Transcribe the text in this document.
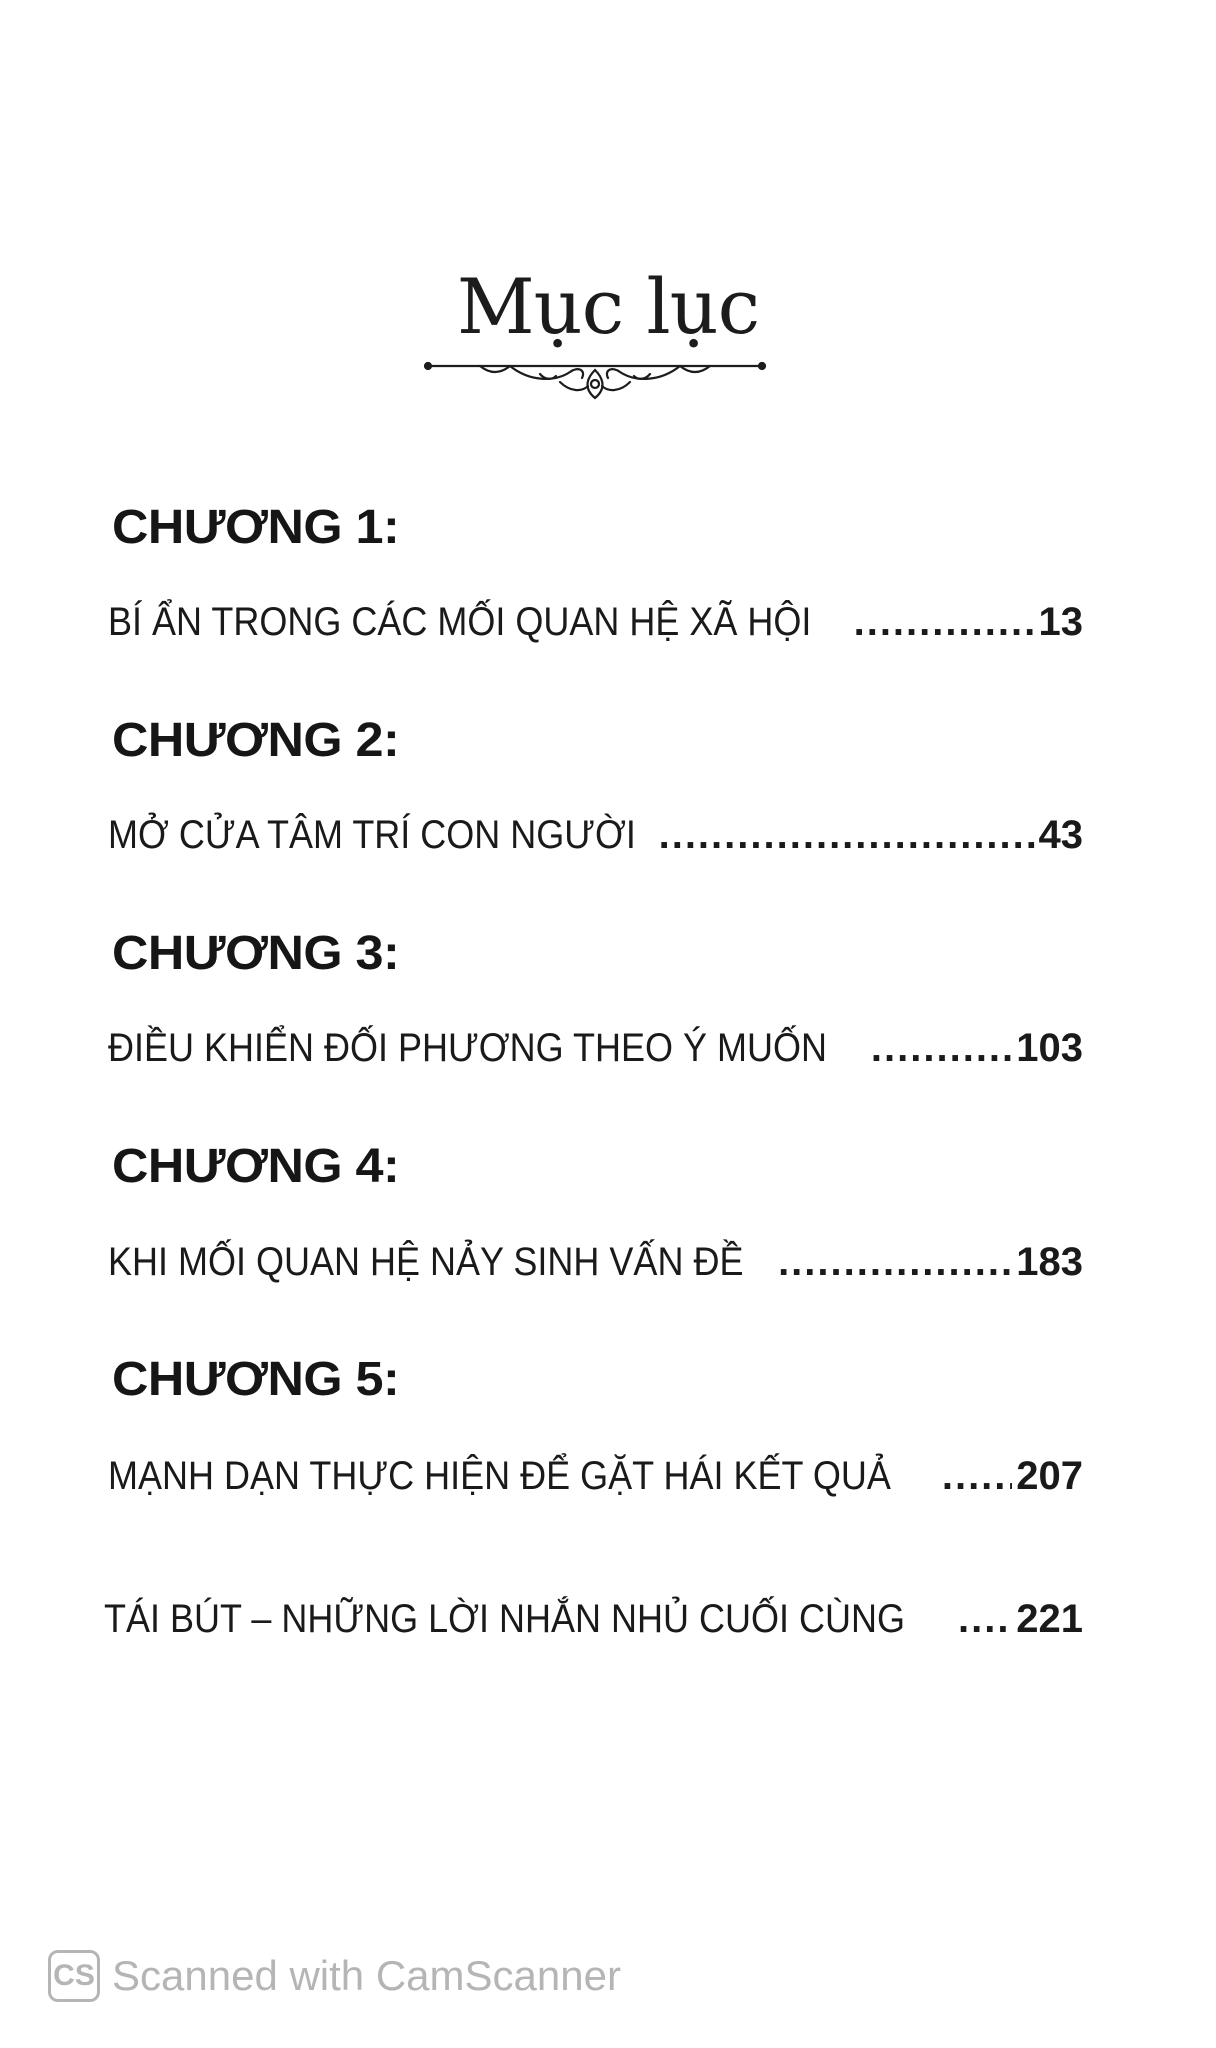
Mục lục
CHƯƠNG 1:
BÍ ẨN TRONG CÁC MỐI QUAN HỆ XÃ HỘI .....	13
CHƯƠNG 2:
MỞ CỬA TÂM TRÍ CON NGƯỜI .....	43
CHƯƠNG 3:
ĐIỀU KHIỂN ĐỐI PHƯƠNG THEO Ý MUỐN .....	103
CHƯƠNG 4:
KHI MỐI QUAN HỆ NẢY SINH VẤN ĐỀ .....	183
CHƯƠNG 5:
MẠNH DẠN THỰC HIỆN ĐỂ GẶT HÁI KẾT QUẢ .....	207
TÁI BÚT – NHỮNG LỜI NHẮN NHỦ CUỐI CÙNG .....	221
CS Scanned with CamScanner
